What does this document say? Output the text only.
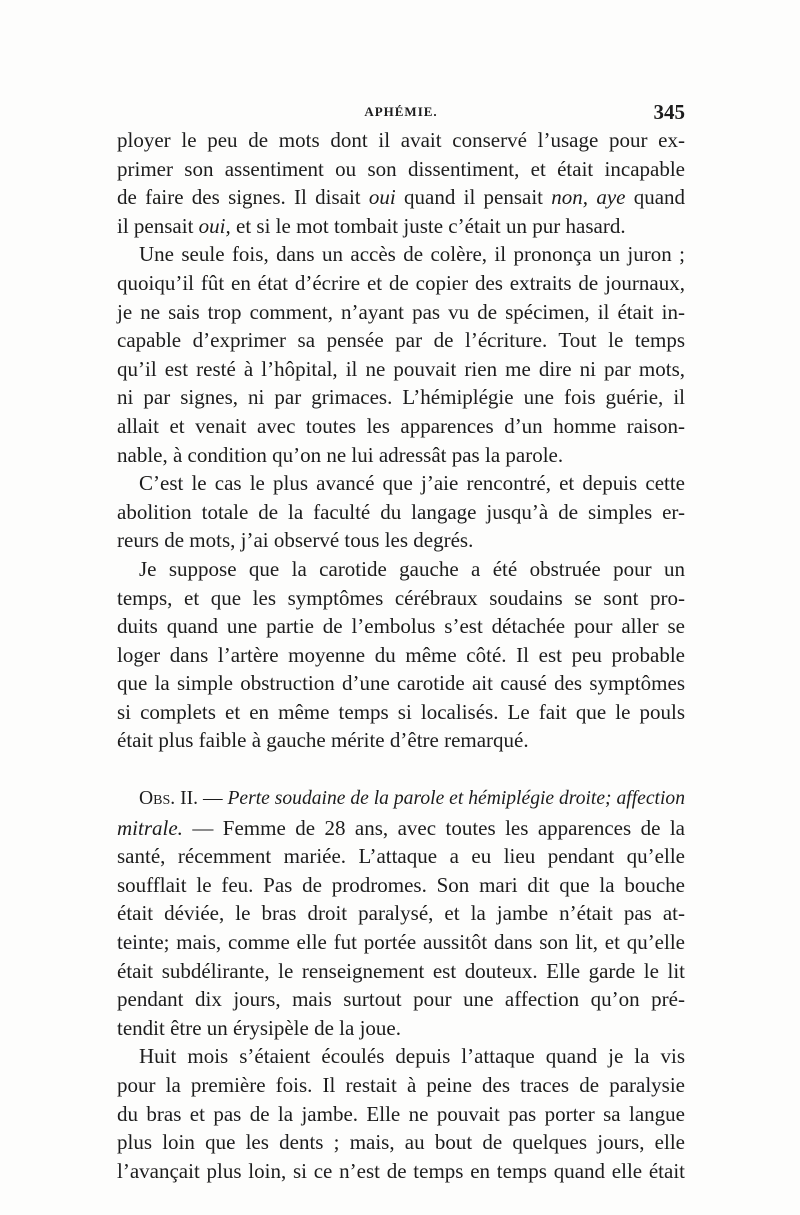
APHÉMIE.	345
ployer le peu de mots dont il avait conservé l’usage pour ex-
primer son assentiment ou son dissentiment, et était incapable
de faire des signes. Il disait oui quand il pensait non, aye quand
il pensait oui, et si le mot tombait juste c’était un pur hasard.
Une seule fois, dans un accès de colère, il prononça un juron ;
quoiqu’il fût en état d’écrire et de copier des extraits de journaux,
je ne sais trop comment, n’ayant pas vu de spécimen, il était in-
capable d’exprimer sa pensée par de l’écriture. Tout le temps
qu’il est resté à l’hôpital, il ne pouvait rien me dire ni par mots,
ni par signes, ni par grimaces. L’hémiplégie une fois guérie, il
allait et venait avec toutes les apparences d’un homme raison-
nable, à condition qu’on ne lui adressât pas la parole.
C’est le cas le plus avancé que j’aie rencontré, et depuis cette
abolition totale de la faculté du langage jusqu’à de simples er-
reurs de mots, j’ai observé tous les degrés.
Je suppose que la carotide gauche a été obstruée pour un
temps, et que les symptômes cérébraux soudains se sont pro-
duits quand une partie de l’embolus s’est détachée pour aller se
loger dans l’artère moyenne du même côté. Il est peu probable
que la simple obstruction d’une carotide ait causé des symptômes
si complets et en même temps si localisés. Le fait que le pouls
était plus faible à gauche mérite d’être remarqué.
Obs. II. — Perte soudaine de la parole et hémiplégie droite; affection
mitrale. — Femme de 28 ans, avec toutes les apparences de la
santé, récemment mariée. L’attaque a eu lieu pendant qu’elle
soufflait le feu. Pas de prodromes. Son mari dit que la bouche
était déviée, le bras droit paralysé, et la jambe n’était pas at-
teinte; mais, comme elle fut portée aussitôt dans son lit, et qu’elle
était subdélirante, le renseignement est douteux. Elle garde le lit
pendant dix jours, mais surtout pour une affection qu’on pré-
tendit être un érysipèle de la joue.
Huit mois s’étaient écoulés depuis l’attaque quand je la vis
pour la première fois. Il restait à peine des traces de paralysie
du bras et pas de la jambe. Elle ne pouvait pas porter sa langue
plus loin que les dents ; mais, au bout de quelques jours, elle
l’avançait plus loin, si ce n’est de temps en temps quand elle était
